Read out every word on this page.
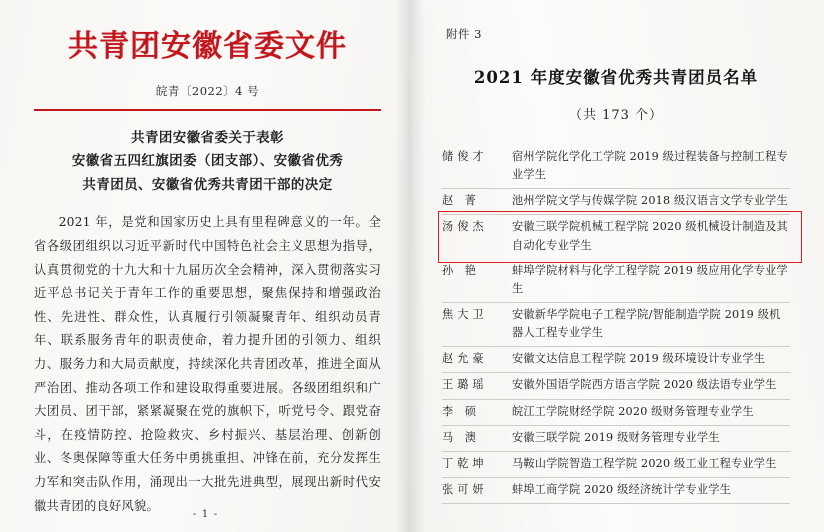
共青团安徽省委文件
皖青〔2022〕4 号
共青团安徽省委关于表彰
安徽省五四红旗团委（团支部）、安徽省优秀
共青团员、安徽省优秀共青团干部的决定

2021 年，是党和国家历史上具有里程碑意义的一年。全省各级团组织以习近平新时代中国特色社会主义思想为指导，认真贯彻党的十九大和十九届历次全会精神，深入贯彻落实习近平总书记关于青年工作的重要思想，聚焦保持和增强政治性、先进性、群众性，认真履行引领凝聚青年、组织动员青年、联系服务青年的职责使命，着力提升团的引领力、组织力、服务力和大局贡献度，持续深化共青团改革，推进全面从严治团、推动各项工作和建设取得重要进展。各级团组织和广大团员、团干部，紧紧凝聚在党的旗帜下，听党号令、跟党奋斗，在疫情防控、抢险救灾、乡村振兴、基层治理、创新创业、冬奥保障等重大任务中勇挑重担、冲锋在前，充分发挥生力军和突击队作用，涌现出一大批先进典型，展现出新时代安徽共青团的良好风貌。

- 1 -
附件 3
2021 年度安徽省优秀共青团员名单
（共 173 个）
储俊才	宿州学院化学化工学院 2019 级过程装备与控制工程专业学生
赵 菁	池州学院文学与传媒学院 2018 级汉语言文学专业学生
汤俊杰	安徽三联学院机械工程学院 2020 级机械设计制造及其自动化专业学生
孙 艳	蚌埠学院材料与化学工程学院 2019 级应用化学专业学生
焦大卫	安徽新华学院电子工程学院/智能制造学院 2019 级机器人工程专业学生
赵允豪	安徽文达信息工程学院 2019 级环境设计专业学生
王璐瑶	安徽外国语学院西方语言学院 2020 级法语专业学生
李 硕	皖江工学院财经学院 2020 级财务管理专业学生
马 澳	安徽三联学院 2019 级财务管理专业学生
丁乾坤	马鞍山学院智造工程学院 2020 级工业工程专业学生
张可妍	蚌埠工商学院 2020 级经济统计学专业学生
